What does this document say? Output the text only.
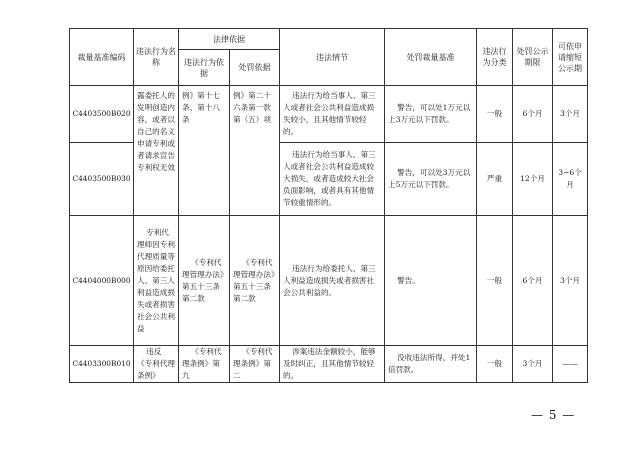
裁量基准编码	违法行为名称	法律依据		违法情节	处罚裁量基准	违法行为分类	处罚公示期限	可依申请缩短公示期
		违法行为依据	处罚依据					
C4403500B020	露委托人的发明创造内容，或者以自己的名义申请专利或者请求宣告专利权无效	例》第十七条、第十八条	例》第二十六条第一款第（五）项	违法行为给当事人、第三人或者社会公共利益造成损失较小，且其他情节较轻的。	警告，可以处1万元以上3万元以下罚款。	一般	6个月	3个月
C4403500B030				违法行为给当事人、第三人或者社会公共利益造成较大损失，或者造成较大社会负面影响，或者具有其他情节较重情形的。	警告，可以处3万元以上5万元以下罚款。	严重	12个月	3~6个月
C4404000B000	专利代理师因专利代理质量等原因给委托人、第三人利益造成损失或者损害社会公共利益	《专利代理管理办法》第五十三条第二款	《专利代理管理办法》第五十三条第二款	违法行为给委托人、第三人利益造成损失或者损害社会公共利益的。	警告。	一般	6个月	3个月
C4403300B010	违反《专利代理条例》	《专利代理条例》第九	《专利代理条例》第二	涉案违法金额较小，能够及时纠正，且其他情节较轻的。	没收违法所得，并处1倍罚款。	一般	3个月	——
— 5 —
